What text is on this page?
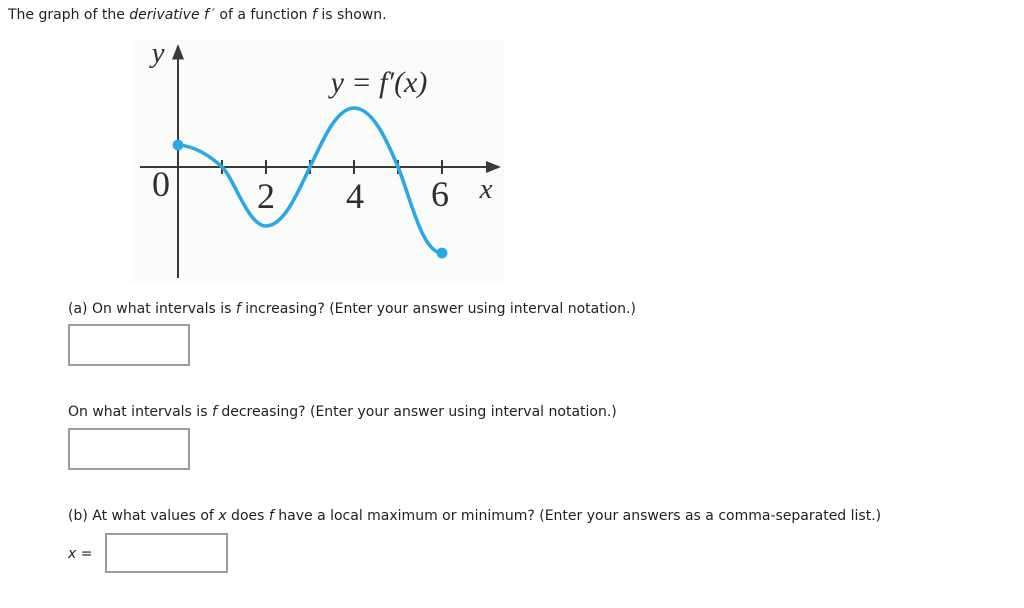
The graph of the derivative f ′ of a function f is shown.

y
x
y = f′(x)
0 2 4 6

(a) On what intervals is f increasing? (Enter your answer using interval notation.)

On what intervals is f decreasing? (Enter your answer using interval notation.)

(b) At what values of x does f have a local maximum or minimum? (Enter your answers as a comma-separated list.)

x =
